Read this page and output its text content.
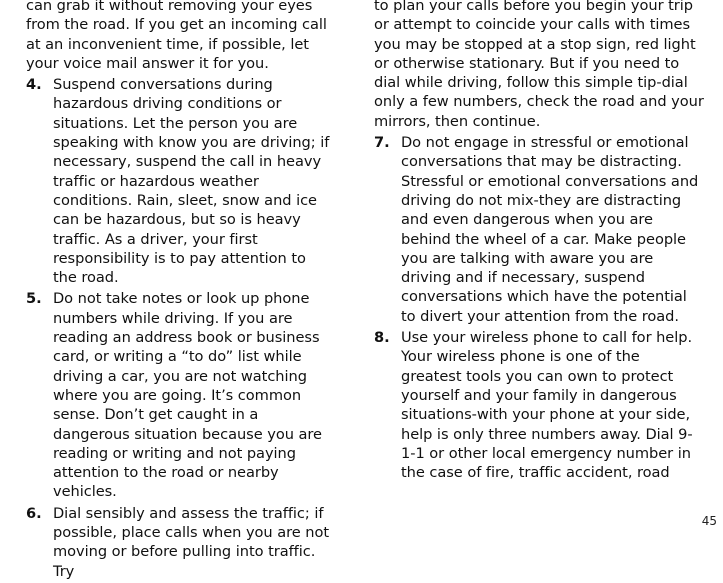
can grab it without removing your eyes from the road. If you get an incoming call at an inconvenient time, if possible, let your voice mail answer it for you.
4. Suspend conversations during hazardous driving conditions or situations. Let the person you are speaking with know you are driving; if necessary, suspend the call in heavy traffic or hazardous weather conditions. Rain, sleet, snow and ice can be hazardous, but so is heavy traffic. As a driver, your first responsibility is to pay attention to the road.
5. Do not take notes or look up phone numbers while driving. If you are reading an address book or business card, or writing a “to do” list while driving a car, you are not watching where you are going. It’s common sense. Don’t get caught in a dangerous situation because you are reading or writing and not paying attention to the road or nearby vehicles.
6. Dial sensibly and assess the traffic; if possible, place calls when you are not moving or before pulling into traffic. Try
to plan your calls before you begin your trip or attempt to coincide your calls with times you may be stopped at a stop sign, red light or otherwise stationary. But if you need to dial while driving, follow this simple tip-dial only a few numbers, check the road and your mirrors, then continue.
7. Do not engage in stressful or emotional conversations that may be distracting. Stressful or emotional conversations and driving do not mix-they are distracting and even dangerous when you are behind the wheel of a car. Make people you are talking with aware you are driving and if necessary, suspend conversations which have the potential to divert your attention from the road.
8. Use your wireless phone to call for help. Your wireless phone is one of the greatest tools you can own to protect yourself and your family in dangerous situations-with your phone at your side, help is only three numbers away. Dial 9-1-1 or other local emergency number in the case of fire, traffic accident, road
45
